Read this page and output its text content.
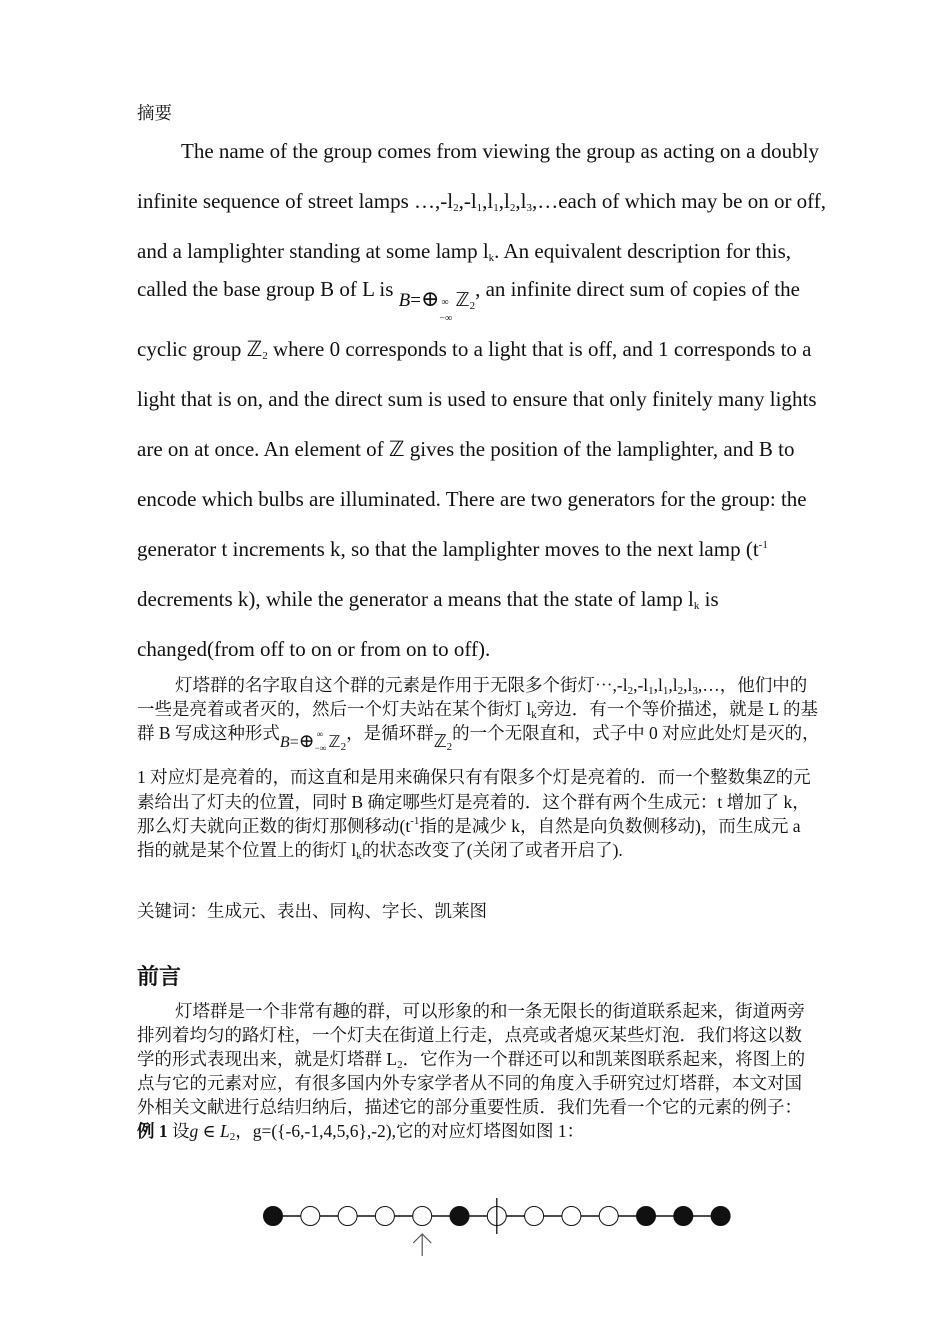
摘要
The name of the group comes from viewing the group as acting on a doubly
infinite sequence of street lamps $\dots,-l_2,-l_1,l_1,l_2,l_3,\dots each$ of which may be on or off,
and a lamplighter standing at some lamp $l_k$. An equivalent description for this,
called the base group B of L is B=⊕ ∞
−∞
ℤ$_2$, an infinite direct sum of copies of the
cyclic group ℤ$_2$ where 0 corresponds to a light that is off, and 1 corresponds to a
light that is on, and the direct sum is used to ensure that only finitely many lights
are on at once. An element of ℤ gives the position of the lamplighter, and B to
encode which bulbs are illuminated. There are two generators for the group: the
generator t increments k, so that the lamplighter moves to the next lamp ($t^{-1}$
decrements k), while the generator a means that the state of lamp $l_k$ is
changed(from off to on or from on to off).
灯塔群的名字取自这个群的元素是作用于无限多个街灯$\cdots,-l_2,-l_1,l_1,l_2,l_3,\dots$，他们中的
一些是亮着或者灭的，然后一个灯夫站在某个街灯 $l_k$旁边．有一个等价描述，就是 L 的基
群 B 写成这种形式B=⊕ ∞
−∞ ℤ$_2$，是循环群ℤ$_2$的一个无限直和，式子中 0 对应此处灯是灭的，
1 对应灯是亮着的，而这直和是用来确保只有有限多个灯是亮着的．而一个整数集ℤ的元
素给出了灯夫的位置，同时 B 确定哪些灯是亮着的．这个群有两个生成元：t 增加了 k，
那么灯夫就向正数的街灯那侧移动($t^{-1}$指的是减少 k，自然是向负数侧移动)，而生成元 a
指的就是某个位置上的街灯 $l_k$的状态改变了(关闭了或者开启了).
关键词：生成元、表出、同构、字长、凯莱图
前言
灯塔群是一个非常有趣的群，可以形象的和一条无限长的街道联系起来，街道两旁
排列着均匀的路灯柱，一个灯夫在街道上行走，点亮或者熄灭某些灯泡．我们将这以数
学的形式表现出来，就是灯塔群 $L_2$．它作为一个群还可以和凯莱图联系起来，将图上的
点与它的元素对应，有很多国内外专家学者从不同的角度入手研究过灯塔群，本文对国
外相关文献进行总结归纳后，描述它的部分重要性质．我们先看一个它的元素的例子：
例 1 设g ∈ $L_2$，g=({-6,-1,4,5,6},-2),它的对应灯塔图如图 1：
